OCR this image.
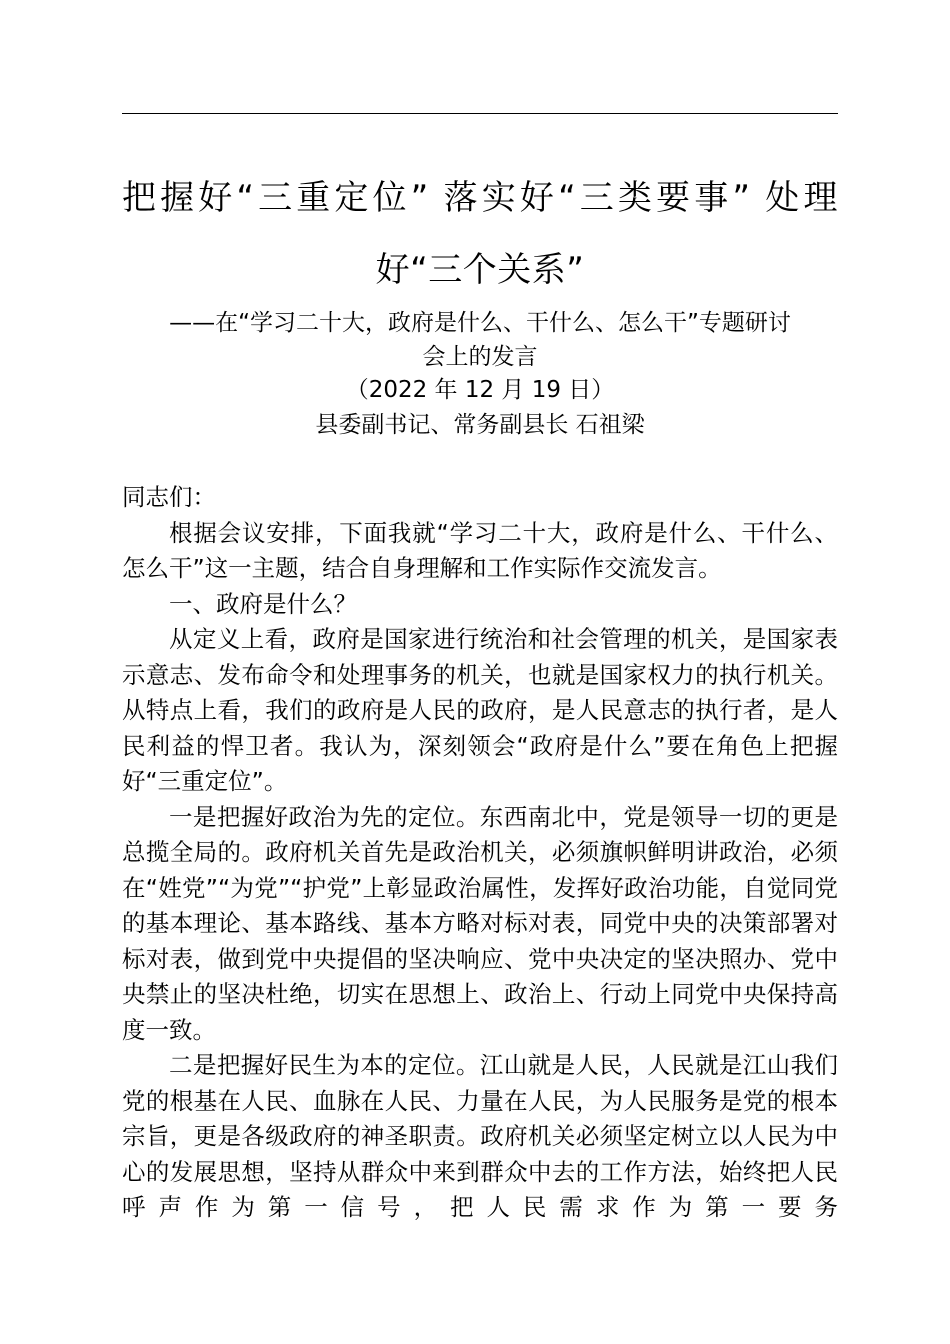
把握好“三重定位” 落实好“三类要事” 处理
好“三个关系”
——在“学习二十大，政府是什么、干什么、怎么干”专题研讨
会上的发言
（2022 年 12 月 19 日）
县委副书记、常务副县长 石祖梁

同志们：

根据会议安排，下面我就“学习二十大，政府是什么、干什么、怎么干”这一主题，结合自身理解和工作实际作交流发言。

一、政府是什么？

从定义上看，政府是国家进行统治和社会管理的机关，是国家表示意志、发布命令和处理事务的机关，也就是国家权力的执行机关。从特点上看，我们的政府是人民的政府，是人民意志的执行者，是人民利益的悍卫者。我认为，深刻领会“政府是什么”要在角色上把握好“三重定位”。

一是把握好政治为先的定位。东西南北中，党是领导一切的更是总揽全局的。政府机关首先是政治机关，必须旗帜鲜明讲政治，必须在“姓党”“为党”“护党”上彰显政治属性，发挥好政治功能，自觉同党的基本理论、基本路线、基本方略对标对表，同党中央的决策部署对标对表，做到党中央提倡的坚决响应、党中央决定的坚决照办、党中央禁止的坚决杜绝，切实在思想上、政治上、行动上同党中央保持高度一致。

二是把握好民生为本的定位。江山就是人民，人民就是江山我们党的根基在人民、血脉在人民、力量在人民，为人民服务是党的根本宗旨，更是各级政府的神圣职责。政府机关必须坚定树立以人民为中心的发展思想，坚持从群众中来到群众中去的工作方法，始终把人民呼声作为第一信号，把人民需求作为第一要务
